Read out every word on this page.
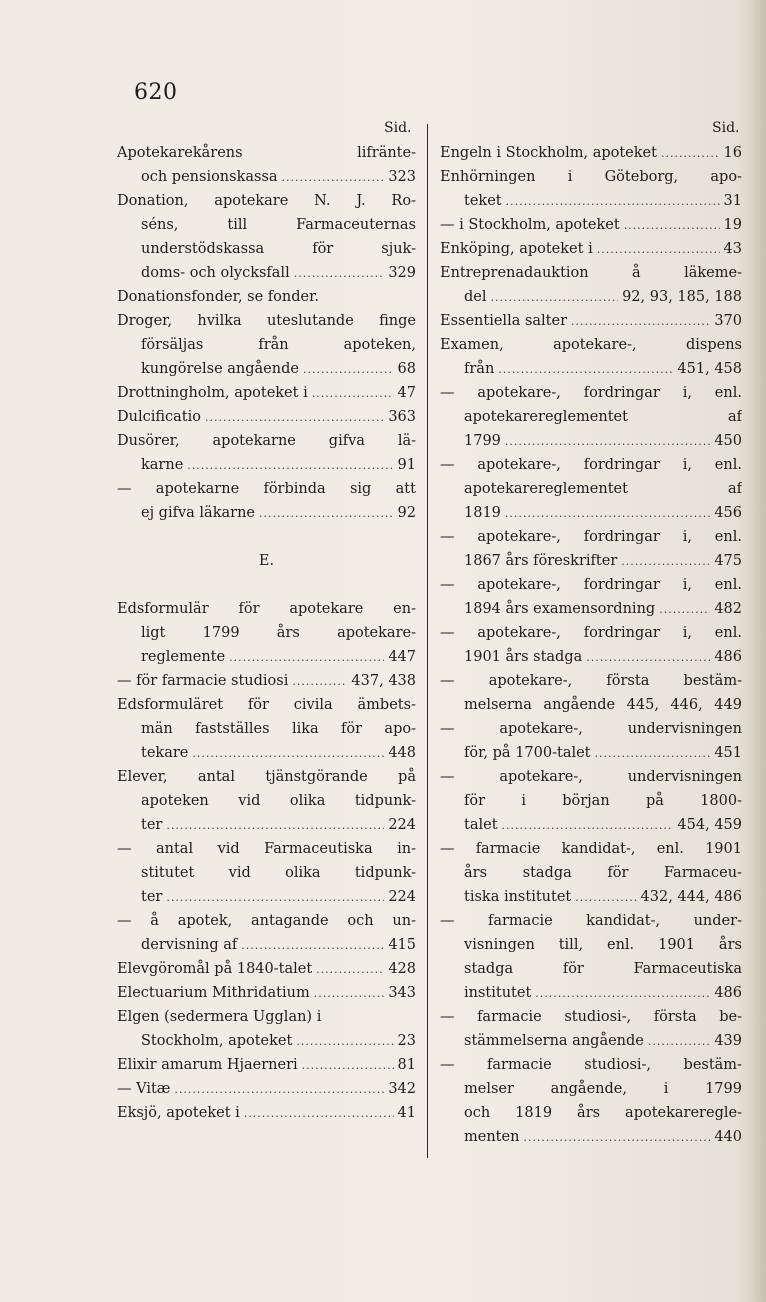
620
Sid.	Sid.
Apotekarekårens	lifränte-
och pensionskassa .....	323
Donation, apotekare N. J. Ro-
séns,	till	Farmaceuternas
understödskassa	för	sjuk-
doms- och olycksfall .....	329
Donationsfonder, se fonder.
Droger, hvilka uteslutande finge
försäljas	från	apoteken,
kungörelse angående .....	68
Drottningholm, apoteket i .....	47
Dulcificatio .....	363
Dusörer, apotekarne gifva lä-
karne .....	91
— apotekarne förbinda sig att
ej gifva läkarne .....	92
E.
Edsformulär för apotekare en-
ligt	1799	års	apotekare-
reglemente .....	447
— för farmacie studiosi .....	437, 438
Edsformuläret för civila ämbets-
män fastställes lika för apo-
tekare .....	448
Elever, antal tjänstgörande på
apoteken vid olika tidpunk-
ter .....	224
— antal vid Farmaceutiska in-
stitutet vid olika tidpunk-
ter .....	224
— å apotek, antagande och un-
dervisning af .....	415
Elevgöromål på 1840-talet .....	428
Electuarium Mithridatium .....	343
Elgen (sedermera Ugglan) i
Stockholm, apoteket .....	23
Elixir amarum Hjaerneri .....	81
— Vitæ .....	342
Eksjö, apoteket i .....	41
Engeln i Stockholm, apoteket .....	16
Enhörningen i Göteborg, apo-
teket .....	31
— i Stockholm, apoteket .....	19
Enköping, apoteket i .....	43
Entreprenadauktion	å	läkeme-
del .....	92, 93, 185, 188
Essentiella salter .....	370
Examen,	apotekare-,	dispens
från .....	451, 458
— apotekare-, fordringar i, enl.
apotekarereglementet	af
1799 .....	450
— apotekare-, fordringar i, enl.
apotekarereglementet	af
1819 .....	456
— apotekare-, fordringar i, enl.
1867 års föreskrifter .....	475
— apotekare-, fordringar i, enl.
1894 års examensordning .....	482
— apotekare-, fordringar i, enl.
1901 års stadga .....	486
— apotekare-, första bestäm-
melserna angående 445, 446, 449
—	apotekare-,	undervisningen
för, på 1700-talet .....	451
—	apotekare-,	undervisningen
för	i	början	på	1800-
talet .....	454, 459
— farmacie kandidat-, enl. 1901
års stadga för Farmaceu-
tiska institutet .....	432, 444, 486
— farmacie kandidat-, under-
visningen till, enl. 1901 års
stadga	för	Farmaceutiska
institutet .....	486
— farmacie studiosi-, första be-
stämmelserna angående .....	439
— farmacie studiosi-, bestäm-
melser	angående,	i	1799
och 1819 års apotekareregle-
menten .....	440
